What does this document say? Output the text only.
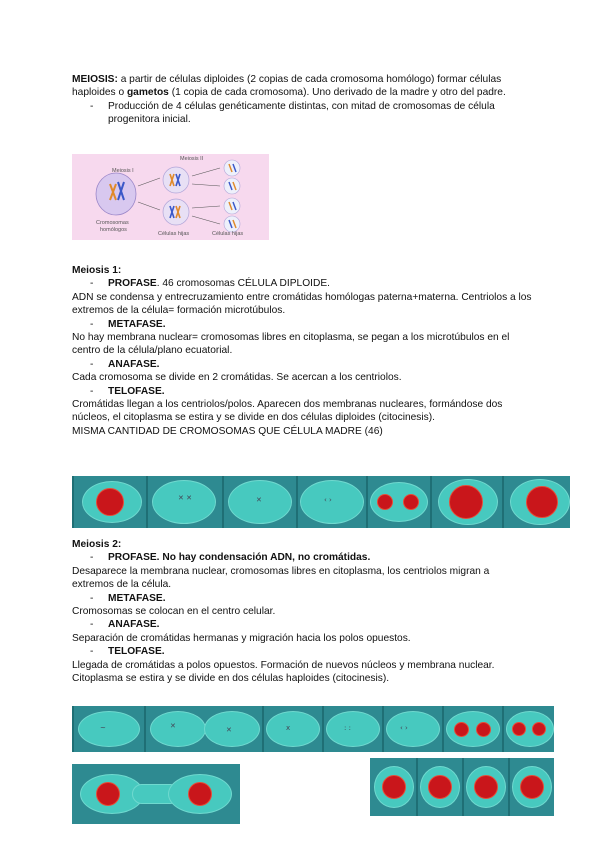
MEIOSIS: a partir de células diploides (2 copias de cada cromosoma homólogo) formar células haploides o gametos (1 copia de cada cromosoma). Uno derivado de la madre y otro del padre.

- Producción de 4 células genéticamente distintas, con mitad de cromosomas de célula progenitora inicial.
Meiosis I
Meiosis II
Cromosomas
homólogos
Células hijas	Células hijas

Meiosis 1:

- PROFASE. 46 cromosomas CÉLULA DIPLOIDE.

ADN se condensa y entrecruzamiento entre cromátidas homólogas paterna+materna. Centriolos a los extremos de la célula= formación microtúbulos.

- METAFASE.

No hay membrana nuclear= cromosomas libres en citoplasma, se pegan a los microtúbulos en el centro de la célula/plano ecuatorial.

- ANAFASE.

Cada cromosoma se divide en 2 cromátidas. Se acercan a los centriolos.

- TELOFASE.

Cromátidas llegan a los centriolos/polos. Aparecen dos membranas nucleares, formándose dos núcleos, el citoplasma se estira y se divide en dos células diploides (citocinesis).

MISMA CANTIDAD DE CROMOSOMAS QUE CÉLULA MADRE (46)

✕ ✕	✕	‹ ›

Meiosis 2:

- PROFASE. No hay condensación ADN, no cromátidas.

Desaparece la membrana nuclear, cromosomas libres en citoplasma, los centriolos migran a extremos de la célula.

- METAFASE.

Cromosomas se colocan en el centro celular.

- ANAFASE.

Separación de cromátidas hermanas y migración hacia los polos opuestos.

- TELOFASE.

Llegada de cromátidas a polos opuestos. Formación de nuevos núcleos y membrana nuclear. Citoplasma se estira y se divide en dos células haploides (citocinesis).

~	✕	✕	x	: :	‹ ›
